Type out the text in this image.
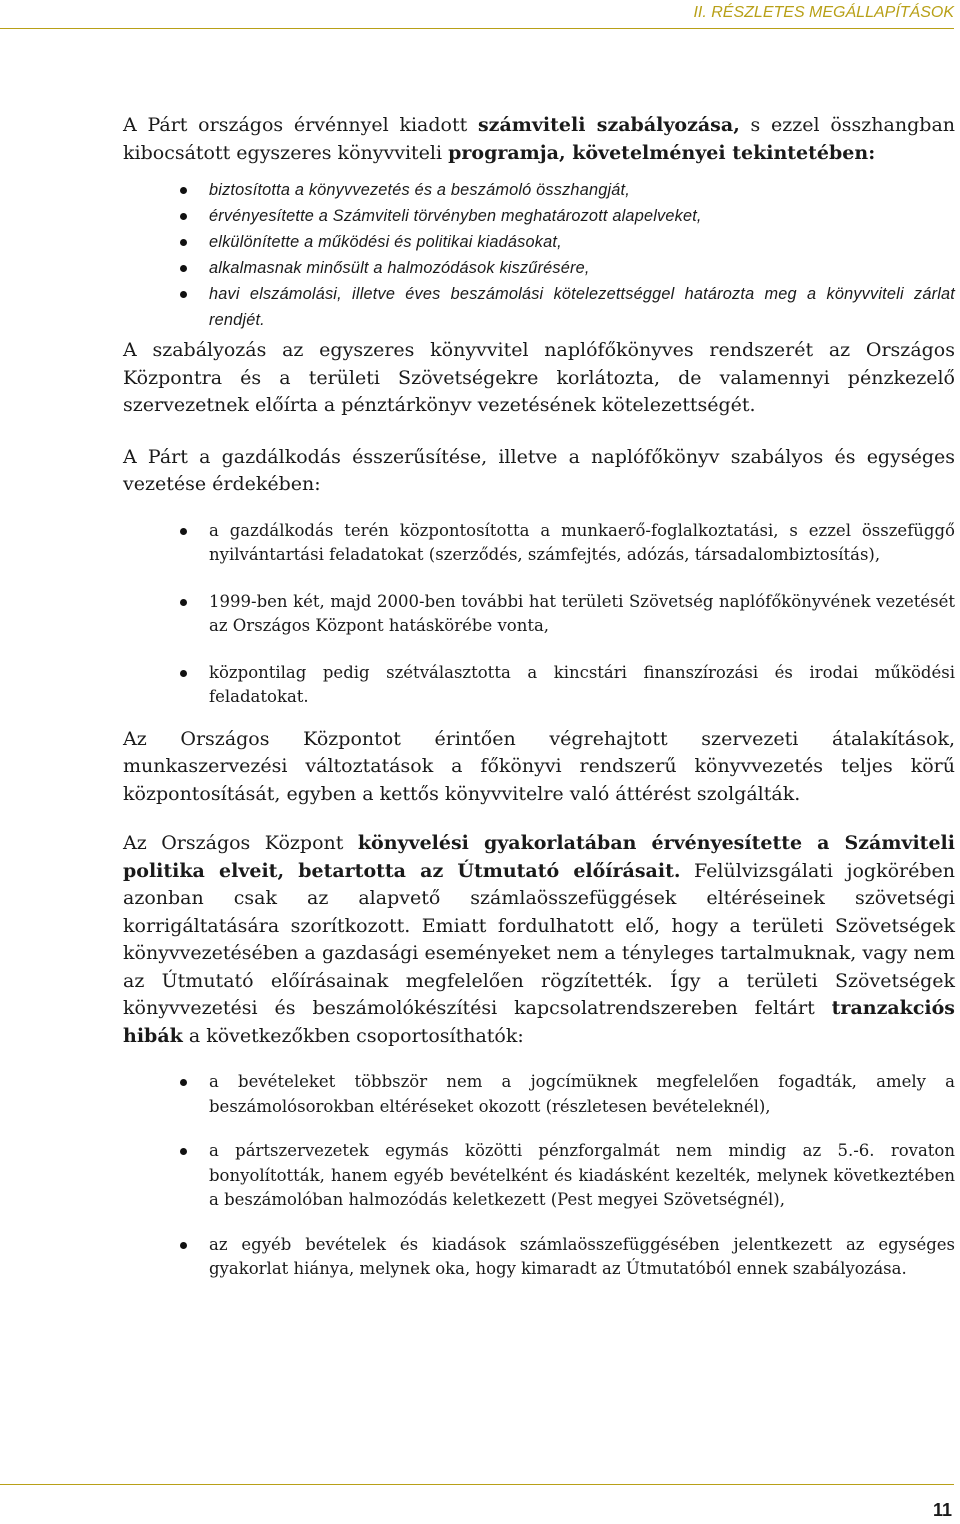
II. RÉSZLETES MEGÁLLAPÍTÁSOK

A Párt országos érvénnyel kiadott számviteli szabályozása, s ezzel összhangban kibocsátott egyszeres könyvviteli programja, követelményei tekintetében:

biztosította a könyvvezetés és a beszámoló összhangját,
érvényesítette a Számviteli törvényben meghatározott alapelveket,
elkülönítette a működési és politikai kiadásokat,
alkalmasnak minősült a halmozódások kiszűrésére,
havi elszámolási, illetve éves beszámolási kötelezettséggel határozta meg a könyvviteli zárlat rendjét.

A szabályozás az egyszeres könyvvitel naplófőkönyves rendszerét az Országos Központra és a területi Szövetségekre korlátozta, de valamennyi pénzkezelő szervezetnek előírta a pénztárkönyv vezetésének kötelezettségét.

A Párt a gazdálkodás ésszerűsítése, illetve a naplófőkönyv szabályos és egységes vezetése érdekében:

a gazdálkodás terén központosította a munkaerő-foglalkoztatási, s ezzel összefüggő nyilvántartási feladatokat (szerződés, számfejtés, adózás, társadalombiztosítás),
1999-ben két, majd 2000-ben további hat területi Szövetség naplófőkönyvének vezetését az Országos Központ hatáskörébe vonta,
központilag pedig szétválasztotta a kincstári finanszírozási és irodai működési feladatokat.

Az Országos Központot érintően végrehajtott szervezeti átalakítások, munkaszervezési változtatások a főkönyvi rendszerű könyvvezetés teljes körű központosítását, egyben a kettős könyvvitelre való áttérést szolgálták.

Az Országos Központ könyvelési gyakorlatában érvényesítette a Számviteli politika elveit, betartotta az Útmutató előírásait. Felülvizsgálati jogkörében azonban csak az alapvető számlaösszefüggések eltéréseinek szövetségi korrigáltatására szorítkozott. Emiatt fordulhatott elő, hogy a területi Szövetségek könyvvezetésében a gazdasági eseményeket nem a tényleges tartalmuknak, vagy nem az Útmutató előírásainak megfelelően rögzítették. Így a területi Szövetségek könyvvezetési és beszámolókészítési kapcsolatrendszereben feltárt tranzakciós hibák a következőkben csoportosíthatók:

a bevételeket többször nem a jogcímüknek megfelelően fogadták, amely a beszámolósorokban eltéréseket okozott (részletesen bevételeknél),
a pártszervezetek egymás közötti pénzforgalmát nem mindig az 5.-6. rovaton bonyolították, hanem egyéb bevételként és kiadásként kezelték, melynek következtében a beszámolóban halmozódás keletkezett (Pest megyei Szövetségnél),
az egyéb bevételek és kiadások számlaösszefüggésében jelentkezett az egységes gyakorlat hiánya, melynek oka, hogy kimaradt az Útmutatóból ennek szabályozása.
11
